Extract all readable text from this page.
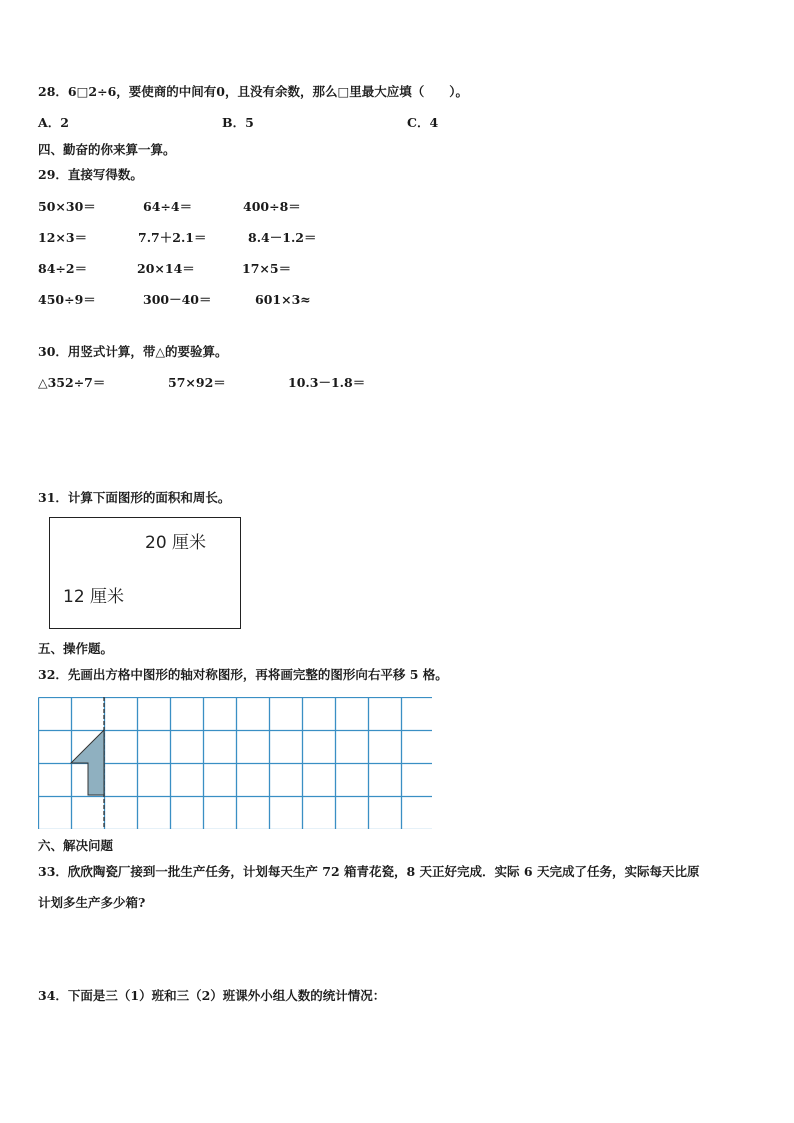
28．6□2÷6，要使商的中间有0，且没有余数，那么□里最大应填（　　）。
A．2	B．5	C．4
四、勤奋的你来算一算。
29．直接写得数。
50×30＝	64÷4＝	400÷8＝
12×3＝	7.7＋2.1＝	8.4－1.2＝
84÷2＝	20×14＝	17×5＝
450÷9＝	300－40＝	601×3≈
30．用竖式计算，带△的要验算。
△352÷7＝	57×92＝	10.3－1.8＝
31．计算下面图形的面积和周长。
20 厘米
12 厘米
五、操作题。
32．先画出方格中图形的轴对称图形，再将画完整的图形向右平移 5 格。
六、解决问题
33．欣欣陶瓷厂接到一批生产任务，计划每天生产 72 箱青花瓷，8 天正好完成．实际 6 天完成了任务，实际每天比原
计划多生产多少箱?
34．下面是三（1）班和三（2）班课外小组人数的统计情况：
